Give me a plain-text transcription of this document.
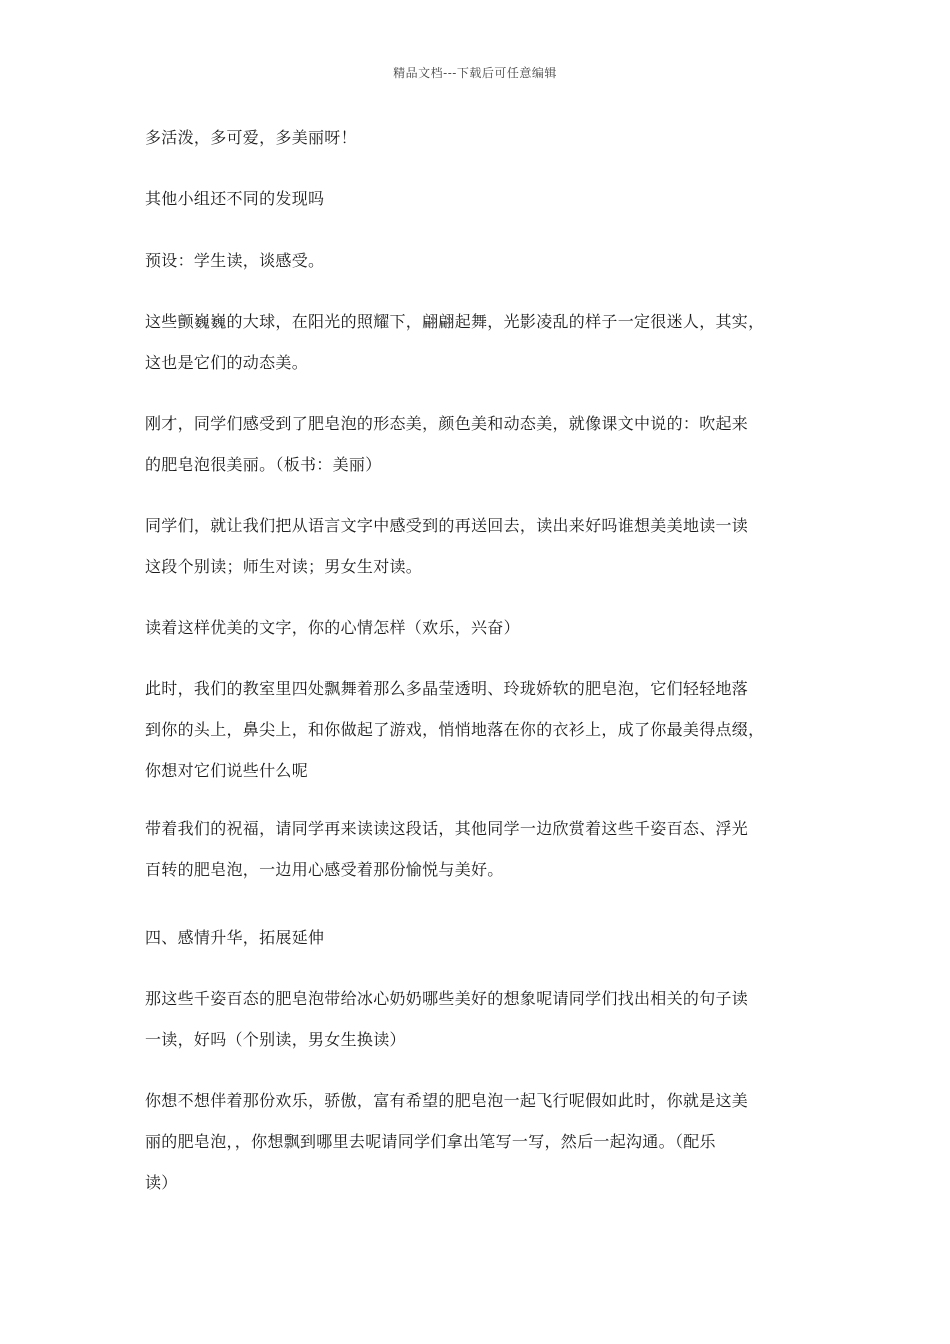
精品文档---下载后可任意编辑
多活泼，多可爱，多美丽呀！
其他小组还不同的发现吗
预设：学生读，谈感受。
这些颤巍巍的大球，在阳光的照耀下，翩翩起舞，光影凌乱的样子一定很迷人，其实，
这也是它们的动态美。
刚才，同学们感受到了肥皂泡的形态美，颜色美和动态美，就像课文中说的：吹起来
的肥皂泡很美丽。（板书：美丽）
同学们，就让我们把从语言文字中感受到的再送回去，读出来好吗谁想美美地读一读
这段个别读；师生对读；男女生对读。
读着这样优美的文字，你的心情怎样（欢乐，兴奋）
此时，我们的教室里四处飘舞着那么多晶莹透明、玲珑娇软的肥皂泡，它们轻轻地落
到你的头上，鼻尖上，和你做起了游戏，悄悄地落在你的衣衫上，成了你最美得点缀，
你想对它们说些什么呢
带着我们的祝福，请同学再来读读这段话，其他同学一边欣赏着这些千姿百态、浮光
百转的肥皂泡，一边用心感受着那份愉悦与美好。
四、感情升华，拓展延伸
那这些千姿百态的肥皂泡带给冰心奶奶哪些美好的想象呢请同学们找出相关的句子读
一读，好吗（个别读，男女生换读）
你想不想伴着那份欢乐，骄傲，富有希望的肥皂泡一起飞行呢假如此时，你就是这美
丽的肥皂泡，，你想飘到哪里去呢请同学们拿出笔写一写，然后一起沟通。（配乐
读）
